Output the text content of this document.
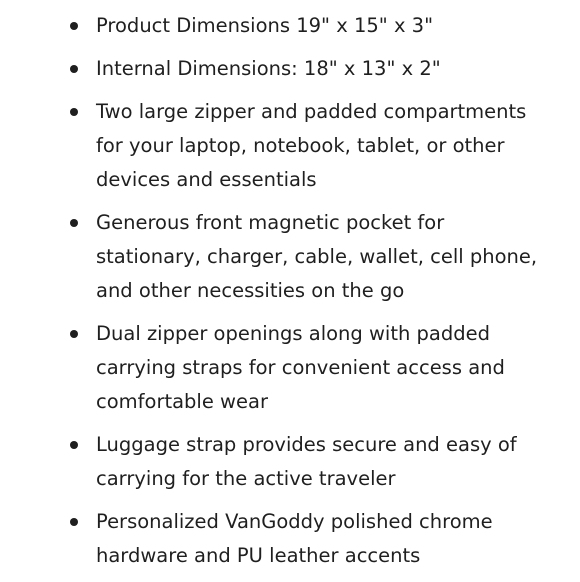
Product Dimensions 19" x 15" x 3"
Internal Dimensions: 18" x 13" x 2"
Two large zipper and padded compartments for your laptop, notebook, tablet, or other devices and essentials
Generous front magnetic pocket for stationary, charger, cable, wallet, cell phone, and other necessities on the go
Dual zipper openings along with padded carrying straps for convenient access and comfortable wear
Luggage strap provides secure and easy of carrying for the active traveler
Personalized VanGoddy polished chrome hardware and PU leather accents
